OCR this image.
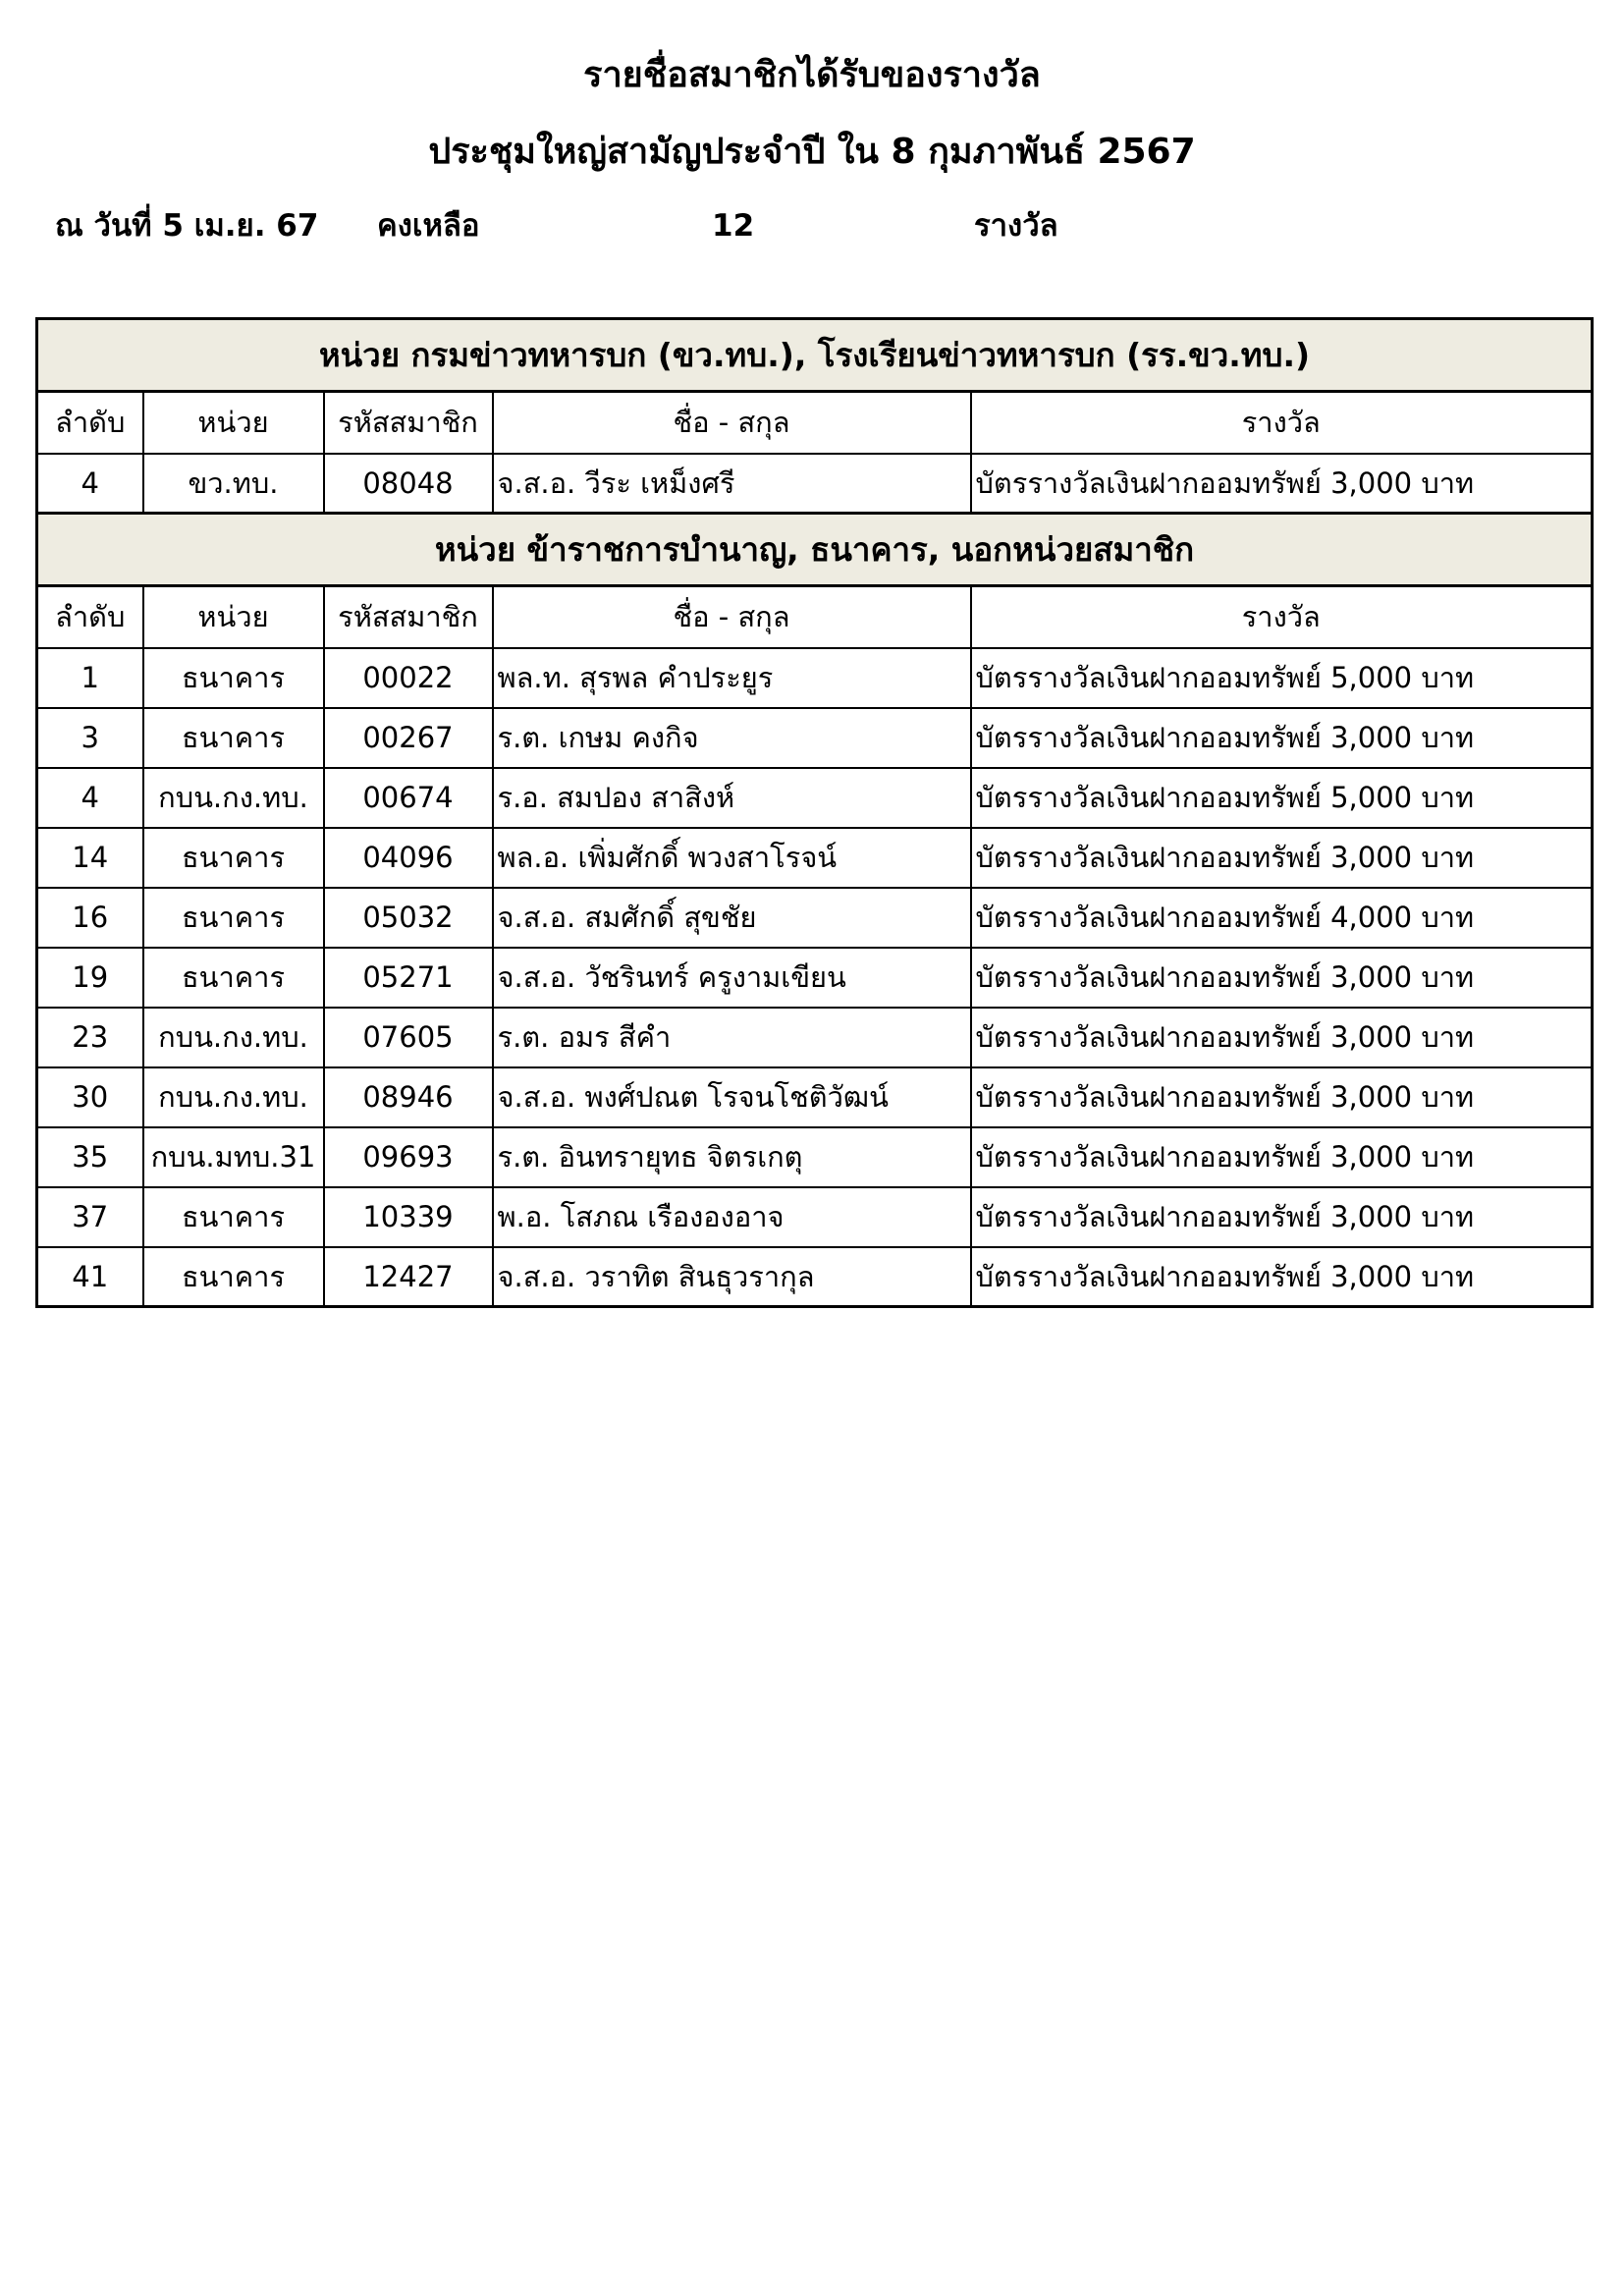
รายชื่อสมาชิกได้รับของรางวัล
ประชุมใหญ่สามัญประจำปี ใน 8 กุมภาพันธ์ 2567
ณ วันที่ 5 เม.ย. 67 คงเหลือ	12	รางวัล
หน่วย กรมข่าวทหารบก (ขว.ทบ.), โรงเรียนข่าวทหารบก (รร.ขว.ทบ.)				
ลำดับ	หน่วย	รหัสสมาชิก	ชื่อ - สกุล	รางวัล
4	ขว.ทบ.	08048	จ.ส.อ. วีระ เหม็งศรี	บัตรรางวัลเงินฝากออมทรัพย์ 3,000 บาท
หน่วย ข้าราชการบำนาญ, ธนาคาร, นอกหน่วยสมาชิก				
ลำดับ	หน่วย	รหัสสมาชิก	ชื่อ - สกุล	รางวัล
1	ธนาคาร	00022	พล.ท. สุรพล คำประยูร	บัตรรางวัลเงินฝากออมทรัพย์ 5,000 บาท
3	ธนาคาร	00267	ร.ต. เกษม คงกิจ	บัตรรางวัลเงินฝากออมทรัพย์ 3,000 บาท
4	กบน.กง.ทบ.	00674	ร.อ. สมปอง สาสิงห์	บัตรรางวัลเงินฝากออมทรัพย์ 5,000 บาท
14	ธนาคาร	04096	พล.อ. เพิ่มศักดิ์ พวงสาโรจน์	บัตรรางวัลเงินฝากออมทรัพย์ 3,000 บาท
16	ธนาคาร	05032	จ.ส.อ. สมศักดิ์ สุขชัย	บัตรรางวัลเงินฝากออมทรัพย์ 4,000 บาท
19	ธนาคาร	05271	จ.ส.อ. วัชรินทร์ ครูงามเขียน	บัตรรางวัลเงินฝากออมทรัพย์ 3,000 บาท
23	กบน.กง.ทบ.	07605	ร.ต. อมร สีคำ	บัตรรางวัลเงินฝากออมทรัพย์ 3,000 บาท
30	กบน.กง.ทบ.	08946	จ.ส.อ. พงศ์ปณต โรจนโชติวัฒน์	บัตรรางวัลเงินฝากออมทรัพย์ 3,000 บาท
35	กบน.มทบ.31	09693	ร.ต. อินทรายุทธ จิตรเกตุ	บัตรรางวัลเงินฝากออมทรัพย์ 3,000 บาท
37	ธนาคาร	10339	พ.อ. โสภณ เรืององอาจ	บัตรรางวัลเงินฝากออมทรัพย์ 3,000 บาท
41	ธนาคาร	12427	จ.ส.อ. วราทิต สินธุวรากุล	บัตรรางวัลเงินฝากออมทรัพย์ 3,000 บาท
